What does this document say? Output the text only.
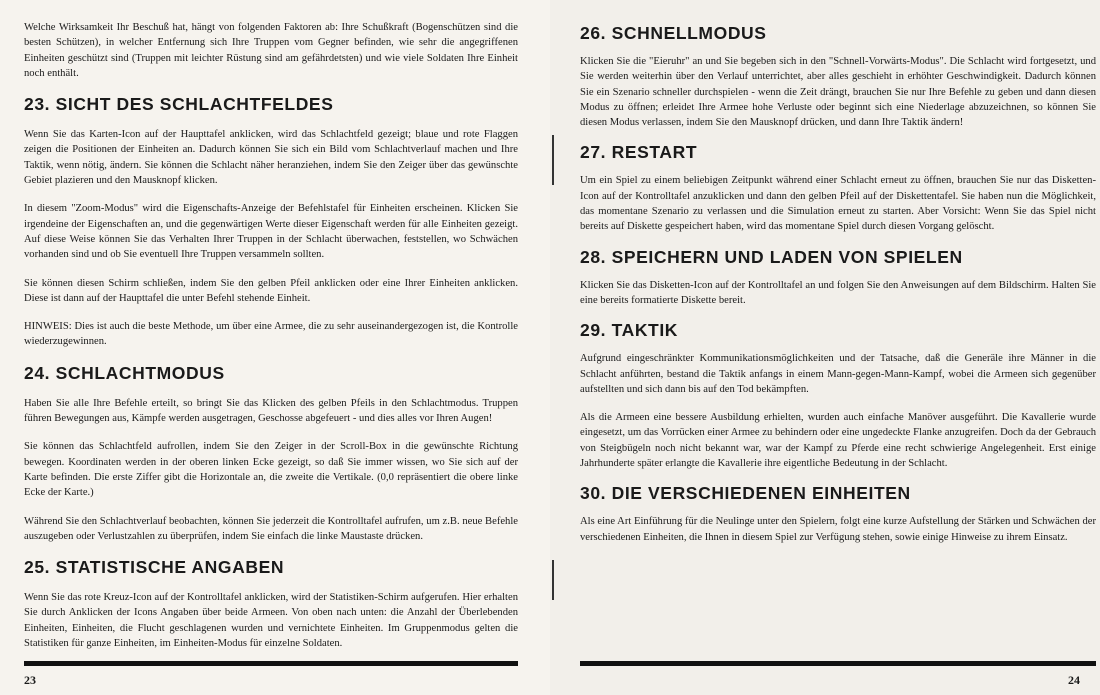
Welche Wirksamkeit Ihr Beschuß hat, hängt von folgenden Faktoren ab: Ihre Schußkraft (Bogenschützen sind die besten Schützen), in welcher Entfernung sich Ihre Truppen vom Gegner befinden, wie sehr die angegriffenen Einheiten geschützt sind (Truppen mit leichter Rüstung sind am gefährdetsten) und wie viele Soldaten Ihre Einheit noch enthält.

23. SICHT DES SCHLACHTFELDES

Wenn Sie das Karten-Icon auf der Haupttafel anklicken, wird das Schlachtfeld gezeigt; blaue und rote Flaggen zeigen die Positionen der Einheiten an. Dadurch können Sie sich ein Bild vom Schlachtverlauf machen und Ihre Taktik, wenn nötig, ändern. Sie können die Schlacht näher heranziehen, indem Sie den Zeiger über das gewünschte Gebiet plazieren und den Mausknopf klicken.

In diesem "Zoom-Modus" wird die Eigenschafts-Anzeige der Befehlstafel für Einheiten erscheinen. Klicken Sie irgendeine der Eigenschaften an, und die gegenwärtigen Werte dieser Eigenschaft werden für alle Einheiten gezeigt. Auf diese Weise können Sie das Verhalten Ihrer Truppen in der Schlacht überwachen, feststellen, wo Schwächen vorhanden sind und ob Sie eventuell Ihre Truppen versammeln sollten.

Sie können diesen Schirm schließen, indem Sie den gelben Pfeil anklicken oder eine Ihrer Einheiten anklicken. Diese ist dann auf der Haupttafel die unter Befehl stehende Einheit.

HINWEIS: Dies ist auch die beste Methode, um über eine Armee, die zu sehr auseinandergezogen ist, die Kontrolle wiederzugewinnen.

24. SCHLACHTMODUS

Haben Sie alle Ihre Befehle erteilt, so bringt Sie das Klicken des gelben Pfeils in den Schlachtmodus. Truppen führen Bewegungen aus, Kämpfe werden ausgetragen, Geschosse abgefeuert - und dies alles vor Ihren Augen!

Sie können das Schlachtfeld aufrollen, indem Sie den Zeiger in der Scroll-Box in die gewünschte Richtung bewegen. Koordinaten werden in der oberen linken Ecke gezeigt, so daß Sie immer wissen, wo Sie sich auf der Karte befinden. Die erste Ziffer gibt die Horizontale an, die zweite die Vertikale. (0,0 repräsentiert die obere linke Ecke der Karte.)

Während Sie den Schlachtverlauf beobachten, können Sie jederzeit die Kontrolltafel aufrufen, um z.B. neue Befehle auszugeben oder Verlustzahlen zu überprüfen, indem Sie einfach die linke Maustaste drücken.

25. STATISTISCHE ANGABEN

Wenn Sie das rote Kreuz-Icon auf der Kontrolltafel anklicken, wird der Statistiken-Schirm aufgerufen. Hier erhalten Sie durch Anklicken der Icons Angaben über beide Armeen. Von oben nach unten: die Anzahl der Überlebenden Einheiten, Einheiten, die Flucht geschlagenen wurden und vernichtete Einheiten. Im Gruppenmodus gelten die Statistiken für ganze Einheiten, im Einheiten-Modus für einzelne Soldaten.

23
26. SCHNELLMODUS

Klicken Sie die "Eieruhr" an und Sie begeben sich in den "Schnell-Vorwärts-Modus". Die Schlacht wird fortgesetzt, und Sie werden weiterhin über den Verlauf unterrichtet, aber alles geschieht in erhöhter Geschwindigkeit. Dadurch können Sie ein Szenario schneller durchspielen - wenn die Zeit drängt, brauchen Sie nur Ihre Befehle zu geben und dann diesen Modus zu öffnen; erleidet Ihre Armee hohe Verluste oder beginnt sich eine Niederlage abzuzeichnen, so können Sie diesen Modus verlassen, indem Sie den Mausknopf drücken, und dann Ihre Taktik ändern!

27. RESTART

Um ein Spiel zu einem beliebigen Zeitpunkt während einer Schlacht erneut zu öffnen, brauchen Sie nur das Disketten-Icon auf der Kontrolltafel anzuklicken und dann den gelben Pfeil auf der Diskettentafel. Sie haben nun die Möglichkeit, das momentane Szenario zu verlassen und die Simulation erneut zu starten. Aber Vorsicht: Wenn Sie das Spiel nicht bereits auf Diskette gespeichert haben, wird das momentane Spiel durch diesen Vorgang gelöscht.

28. SPEICHERN UND LADEN VON SPIELEN

Klicken Sie das Disketten-Icon auf der Kontrolltafel an und folgen Sie den Anweisungen auf dem Bildschirm. Halten Sie eine bereits formatierte Diskette bereit.

29. TAKTIK

Aufgrund eingeschränkter Kommunikationsmöglichkeiten und der Tatsache, daß die Generäle ihre Männer in die Schlacht anführten, bestand die Taktik anfangs in einem Mann-gegen-Mann-Kampf, wobei die Armeen sich gegenüber aufstellten und sich dann bis auf den Tod bekämpften.

Als die Armeen eine bessere Ausbildung erhielten, wurden auch einfache Manöver ausgeführt. Die Kavallerie wurde eingesetzt, um das Vorrücken einer Armee zu behindern oder eine ungedeckte Flanke anzugreifen. Doch da der Gebrauch von Steigbügeln noch nicht bekannt war, war der Kampf zu Pferde eine recht schwierige Angelegenheit. Erst einige Jahrhunderte später erlangte die Kavallerie ihre eigentliche Bedeutung in der Schlacht.

30. DIE VERSCHIEDENEN EINHEITEN

Als eine Art Einführung für die Neulinge unter den Spielern, folgt eine kurze Aufstellung der Stärken und Schwächen der verschiedenen Einheiten, die Ihnen in diesem Spiel zur Verfügung stehen, sowie einige Hinweise zu ihrem Einsatz.

24
